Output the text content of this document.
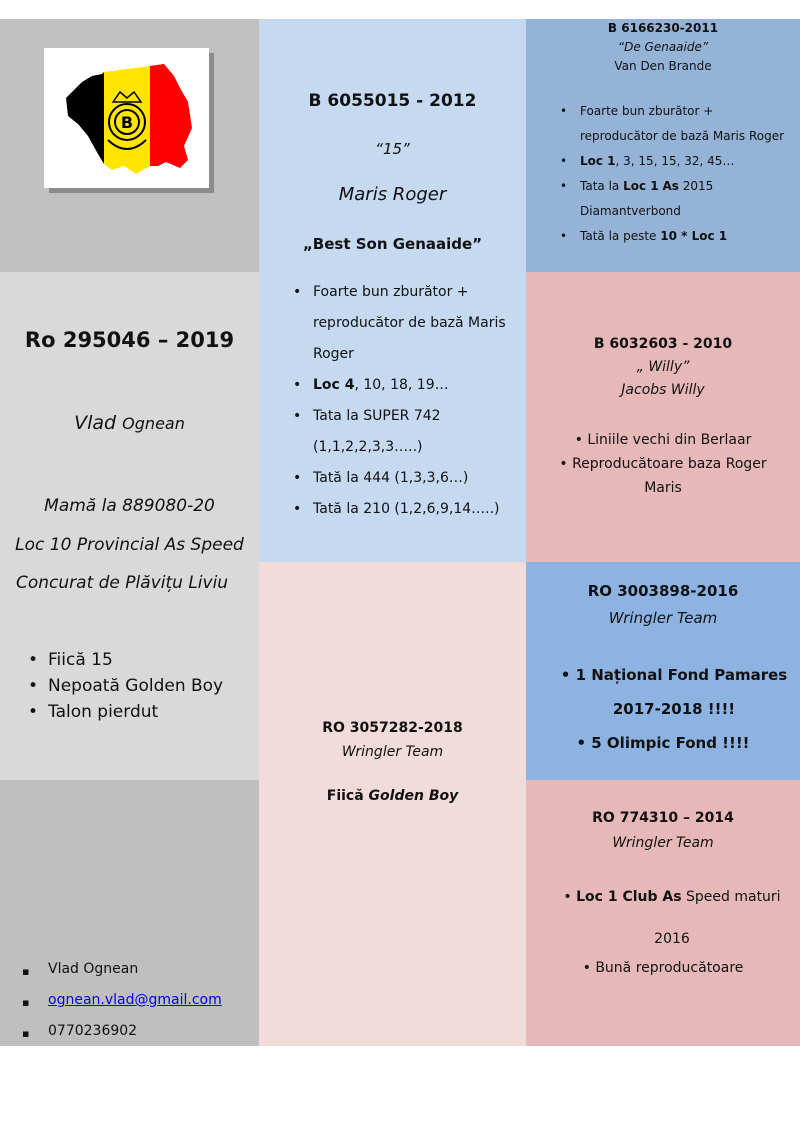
B
Ro 295046 – 2019
Vlad Ognean
Mamă la 889080-20
Loc 10 Provincial As Speed
Concurat de Plăvițu Liviu
• Fiică 15
• Nepoată Golden Boy
• Talon pierdut
▪ Vlad Ognean
▪ ognean.vlad@gmail.com
▪ 0770236902
B 6055015 - 2012
“15”
Maris Roger
„Best Son Genaaide”
• Foarte bun zburător + reproducător de bază Maris Roger
• Loc 4, 10, 18, 19…
• Tata la SUPER 742 (1,1,2,2,3,3…..)
• Tată la 444 (1,3,3,6…)
• Tată la 210 (1,2,6,9,14…..)
RO 3057282-2018
Wringler Team
Fiică Golden Boy
B 6166230-2011
“De Genaaide”
Van Den Brande
• Foarte bun zburător + reproducător de bază Maris Roger
• Loc 1, 3, 15, 15, 32, 45…
• Tata la Loc 1 As 2015 Diamantverbond
• Tată la peste 10 * Loc 1
B 6032603 - 2010
„ Willy”
Jacobs Willy
• Liniile vechi din Berlaar
• Reproducătoare baza Roger Maris
RO 3003898-2016
Wringler Team
• 1 Național Fond Pamares 2017-2018 !!!!
• 5 Olimpic Fond !!!!
RO 774310 – 2014
Wringler Team
• Loc 1 Club As Speed maturi 2016
• Bună reproducătoare
